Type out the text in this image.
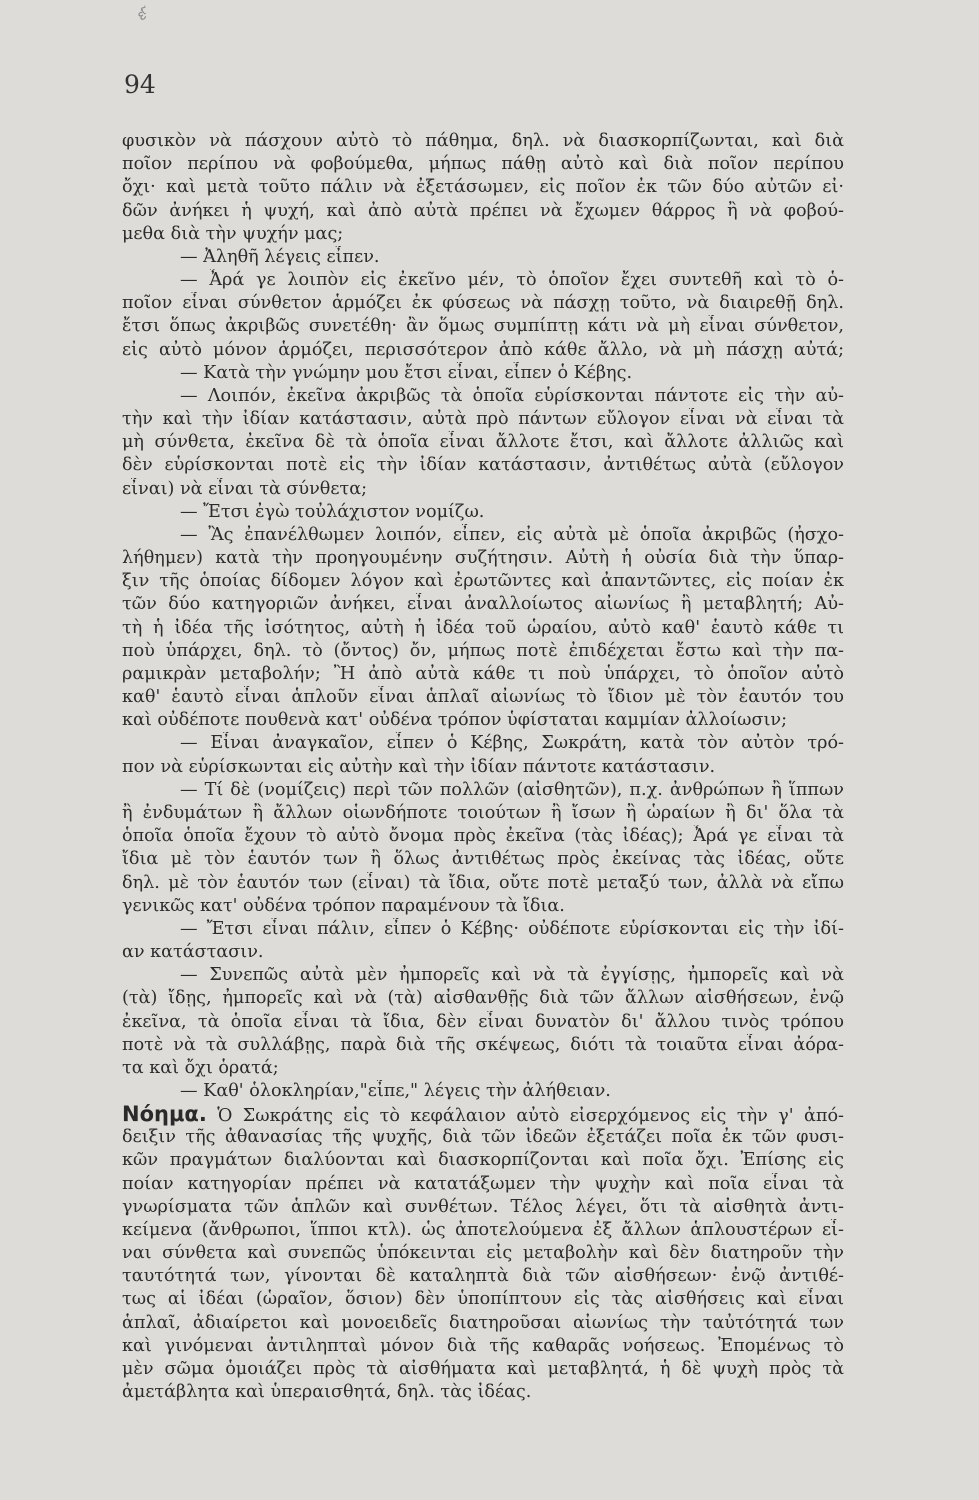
ε̃ͭ
94
φυσικὸν νὰ πάσχουν αὐτὸ τὸ πάθημα, δηλ. νὰ διασκορπίζωνται, καὶ διὰ
ποῖον περίπου νὰ φοβούμεθα, μήπως πάθῃ αὐτὸ καὶ διὰ ποῖον περίπου
ὄχι· καὶ μετὰ τοῦτο πάλιν νὰ ἐξετάσωμεν, εἰς ποῖον ἐκ τῶν δύο αὐτῶν εἰ·
δῶν ἀνήκει ἡ ψυχή, καὶ ἀπὸ αὐτὰ πρέπει νὰ ἔχωμεν θάρρος ἢ νὰ φοβού-
μεθα διὰ τὴν ψυχήν μας;
— Ἀληθῆ λέγεις εἶπεν.
— Ἆρά γε λοιπὸν εἰς ἐκεῖνο μέν, τὸ ὁποῖον ἔχει συντεθῆ καὶ τὸ ὁ-
ποῖον εἶναι σύνθετον ἁρμόζει ἐκ φύσεως νὰ πάσχῃ τοῦτο, νὰ διαιρεθῇ δηλ.
ἔτσι ὅπως ἀκριβῶς συνετέθη· ἂν ὅμως συμπίπτῃ κάτι νὰ μὴ εἶναι σύνθετον,
εἰς αὐτὸ μόνον ἁρμόζει, περισσότερον ἀπὸ κάθε ἄλλο, νὰ μὴ πάσχῃ αὐτά;
— Κατὰ τὴν γνώμην μου ἔτσι εἶναι, εἶπεν ὁ Κέβης.
— Λοιπόν, ἐκεῖνα ἀκριβῶς τὰ ὁποῖα εὑρίσκονται πάντοτε εἰς τὴν αὐ-
τὴν καὶ τὴν ἰδίαν κατάστασιν, αὐτὰ πρὸ πάντων εὔλογον εἶναι νὰ εἶναι τὰ
μὴ σύνθετα, ἐκεῖνα δὲ τὰ ὁποῖα εἶναι ἄλλοτε ἔτσι, καὶ ἄλλοτε ἀλλιῶς καὶ
δὲν εὑρίσκονται ποτὲ εἰς τὴν ἰδίαν κατάστασιν, ἀντιθέτως αὐτὰ (εὔλογον
εἶναι) νὰ εἶναι τὰ σύνθετα;
— Ἔτσι ἐγὼ τοὐλάχιστον νομίζω.
— Ἂς ἐπανέλθωμεν λοιπόν, εἶπεν, εἰς αὐτὰ μὲ ὁποῖα ἀκριβῶς (ἠσχο-
λήθημεν) κατὰ τὴν προηγουμένην συζήτησιν. Αὐτὴ ἡ οὐσία διὰ τὴν ὕπαρ-
ξιν τῆς ὁποίας δίδομεν λόγον καὶ ἐρωτῶντες καὶ ἀπαντῶντες, εἰς ποίαν ἐκ
τῶν δύο κατηγοριῶν ἀνήκει, εἶναι ἀναλλοίωτος αἰωνίως ἢ μεταβλητή; Αὐ-
τὴ ἡ ἰδέα τῆς ἰσότητος, αὐτὴ ἡ ἰδέα τοῦ ὡραίου, αὐτὸ καθ' ἑαυτὸ κάθε τι
ποὺ ὑπάρχει, δηλ. τὸ (ὄντος) ὄν, μήπως ποτὲ ἐπιδέχεται ἔστω καὶ τὴν πα-
ραμικρὰν μεταβολήν; Ἢ ἀπὸ αὐτὰ κάθε τι ποὺ ὑπάρχει, τὸ ὁποῖον αὐτὸ
καθ' ἑαυτὸ εἶναι ἁπλοῦν εἶναι ἁπλαῖ αἰωνίως τὸ ἴδιον μὲ τὸν ἑαυτόν του
καὶ οὐδέποτε πουθενὰ κατ' οὐδένα τρόπον ὑφίσταται καμμίαν ἀλλοίωσιν;
— Εἶναι ἀναγκαῖον, εἶπεν ὁ Κέβης, Σωκράτη, κατὰ τὸν αὐτὸν τρό-
πον νὰ εὑρίσκωνται εἰς αὐτὴν καὶ τὴν ἰδίαν πάντοτε κατάστασιν.
— Τί δὲ (νομίζεις) περὶ τῶν πολλῶν (αἰσθητῶν), π.χ. ἀνθρώπων ἢ ἵππων
ἢ ἐνδυμάτων ἢ ἄλλων οἱωνδήποτε τοιούτων ἢ ἴσων ἢ ὡραίων ἢ δι' ὅλα τὰ
ὁποῖα ὁποῖα ἔχουν τὸ αὐτὸ ὄνομα πρὸς ἐκεῖνα (τὰς ἰδέας); Ἆρά γε εἶναι τὰ
ἴδια μὲ τὸν ἑαυτόν των ἢ ὅλως ἀντιθέτως πρὸς ἐκείνας τὰς ἰδέας, οὔτε
δηλ. μὲ τὸν ἑαυτόν των (εἶναι) τὰ ἴδια, οὔτε ποτὲ μεταξύ των, ἀλλὰ νὰ εἴπω
γενικῶς κατ' οὐδένα τρόπον παραμένουν τὰ ἴδια.
— Ἔτσι εἶναι πάλιν, εἶπεν ὁ Κέβης· οὐδέποτε εὑρίσκονται εἰς τὴν ἰδί-
αν κατάστασιν.
— Συνεπῶς αὐτὰ μὲν ἠμπορεῖς καὶ νὰ τὰ ἐγγίσῃς, ἠμπορεῖς καὶ νὰ
(τὰ) ἴδῃς, ἠμπορεῖς καὶ νὰ (τὰ) αἰσθανθῇς διὰ τῶν ἄλλων αἰσθήσεων, ἐνῷ
ἐκεῖνα, τὰ ὁποῖα εἶναι τὰ ἴδια, δὲν εἶναι δυνατὸν δι' ἄλλου τινὸς τρόπου
ποτὲ νὰ τὰ συλλάβῃς, παρὰ διὰ τῆς σκέψεως, διότι τὰ τοιαῦτα εἶναι ἀόρα-
τα καὶ ὄχι ὁρατά;
— Καθ' ὁλοκληρίαν,"εἶπε," λέγεις τὴν ἀλήθειαν.
Νόημα. Ὁ Σωκράτης εἰς τὸ κεφάλαιον αὐτὸ εἰσερχόμενος εἰς τὴν γ' ἀπό-
δειξιν τῆς ἀθανασίας τῆς ψυχῆς, διὰ τῶν ἰδεῶν ἐξετάζει ποῖα ἐκ τῶν φυσι-
κῶν πραγμάτων διαλύονται καὶ διασκορπίζονται καὶ ποῖα ὄχι. Ἐπίσης εἰς
ποίαν κατηγορίαν πρέπει νὰ κατατάξωμεν τὴν ψυχὴν καὶ ποῖα εἶναι τὰ
γνωρίσματα τῶν ἁπλῶν καὶ συνθέτων. Τέλος λέγει, ὅτι τὰ αἰσθητὰ ἀντι-
κείμενα (ἄνθρωποι, ἵπποι κτλ). ὡς ἀποτελούμενα ἐξ ἄλλων ἁπλουστέρων εἶ-
ναι σύνθετα καὶ συνεπῶς ὑπόκεινται εἰς μεταβολὴν καὶ δὲν διατηροῦν τὴν
ταυτότητά των, γίνονται δὲ καταληπτὰ διὰ τῶν αἰσθήσεων· ἐνῷ ἀντιθέ-
τως αἱ ἰδέαι (ὡραῖον, ὅσιον) δὲν ὑποπίπτουν εἰς τὰς αἰσθήσεις καὶ εἶναι
ἁπλαῖ, ἀδιαίρετοι καὶ μονοειδεῖς διατηροῦσαι αἰωνίως τὴν ταὐτότητά των
καὶ γινόμεναι ἀντιληπταὶ μόνον διὰ τῆς καθαρᾶς νοήσεως. Ἐπομένως τὸ
μὲν σῶμα ὁμοιάζει πρὸς τὰ αἰσθήματα καὶ μεταβλητά, ἡ δὲ ψυχὴ πρὸς τὰ
ἀμετάβλητα καὶ ὑπεραισθητά, δηλ. τὰς ἰδέας.
